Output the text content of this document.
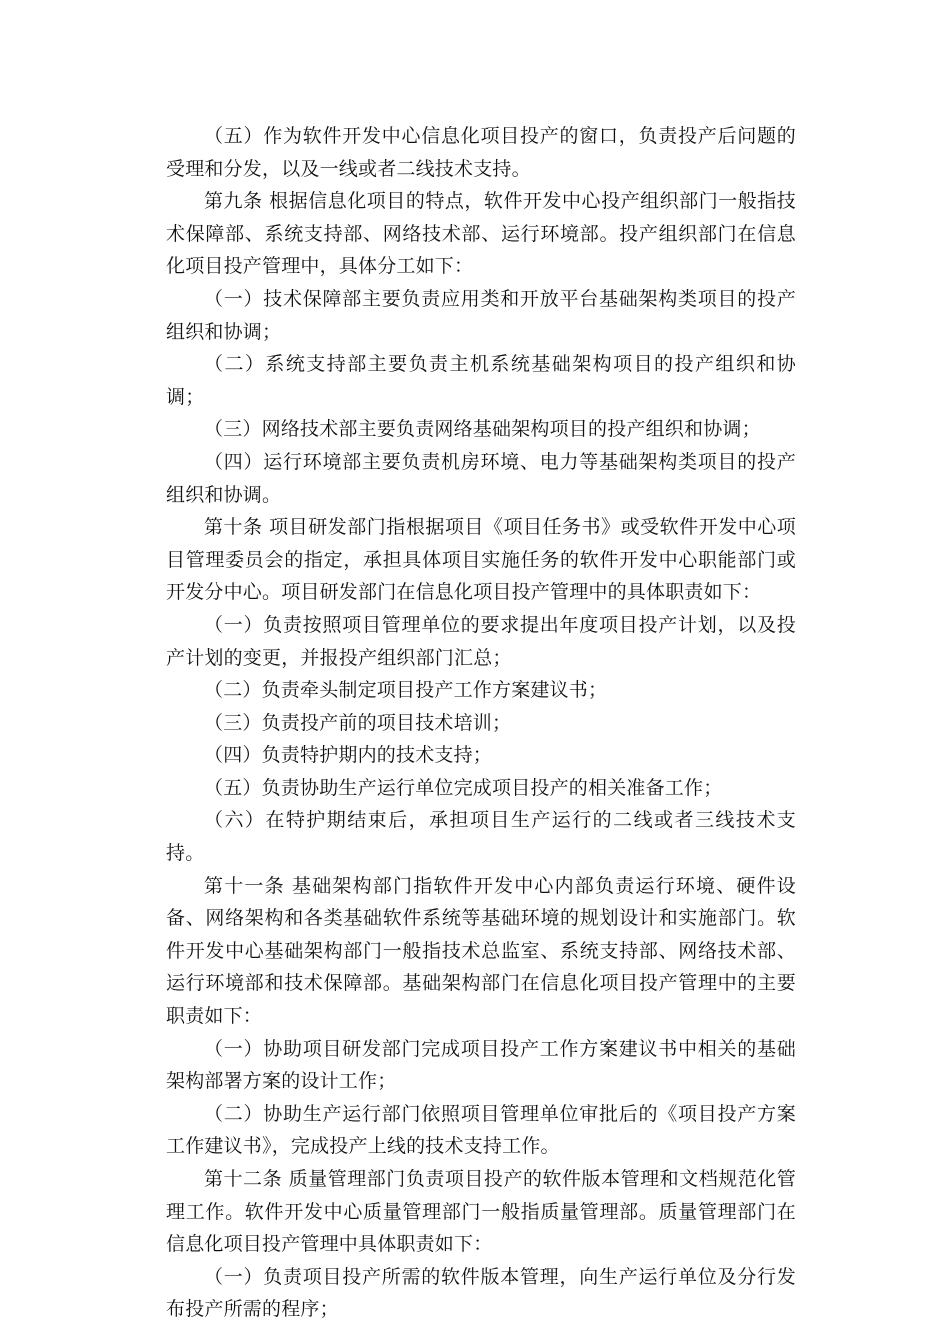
（五）作为软件开发中心信息化项目投产的窗口，负责投产后问题的受理和分发，以及一线或者二线技术支持。

第九条 根据信息化项目的特点，软件开发中心投产组织部门一般指技术保障部、系统支持部、网络技术部、运行环境部。投产组织部门在信息化项目投产管理中，具体分工如下：

（一）技术保障部主要负责应用类和开放平台基础架构类项目的投产组织和协调；

（二）系统支持部主要负责主机系统基础架构项目的投产组织和协调；

（三）网络技术部主要负责网络基础架构项目的投产组织和协调；

（四）运行环境部主要负责机房环境、电力等基础架构类项目的投产组织和协调。

第十条 项目研发部门指根据项目《项目任务书》或受软件开发中心项目管理委员会的指定，承担具体项目实施任务的软件开发中心职能部门或开发分中心。项目研发部门在信息化项目投产管理中的具体职责如下：

（一）负责按照项目管理单位的要求提出年度项目投产计划，以及投产计划的变更，并报投产组织部门汇总；

（二）负责牵头制定项目投产工作方案建议书；

（三）负责投产前的项目技术培训；

（四）负责特护期内的技术支持；

（五）负责协助生产运行单位完成项目投产的相关准备工作；

（六）在特护期结束后，承担项目生产运行的二线或者三线技术支持。

第十一条 基础架构部门指软件开发中心内部负责运行环境、硬件设备、网络架构和各类基础软件系统等基础环境的规划设计和实施部门。软件开发中心基础架构部门一般指技术总监室、系统支持部、网络技术部、运行环境部和技术保障部。基础架构部门在信息化项目投产管理中的主要职责如下：

（一）协助项目研发部门完成项目投产工作方案建议书中相关的基础架构部署方案的设计工作；

（二）协助生产运行部门依照项目管理单位审批后的《项目投产方案工作建议书》，完成投产上线的技术支持工作。

第十二条 质量管理部门负责项目投产的软件版本管理和文档规范化管理工作。软件开发中心质量管理部门一般指质量管理部。质量管理部门在信息化项目投产管理中具体职责如下：

（一）负责项目投产所需的软件版本管理，向生产运行单位及分行发布投产所需的程序；
